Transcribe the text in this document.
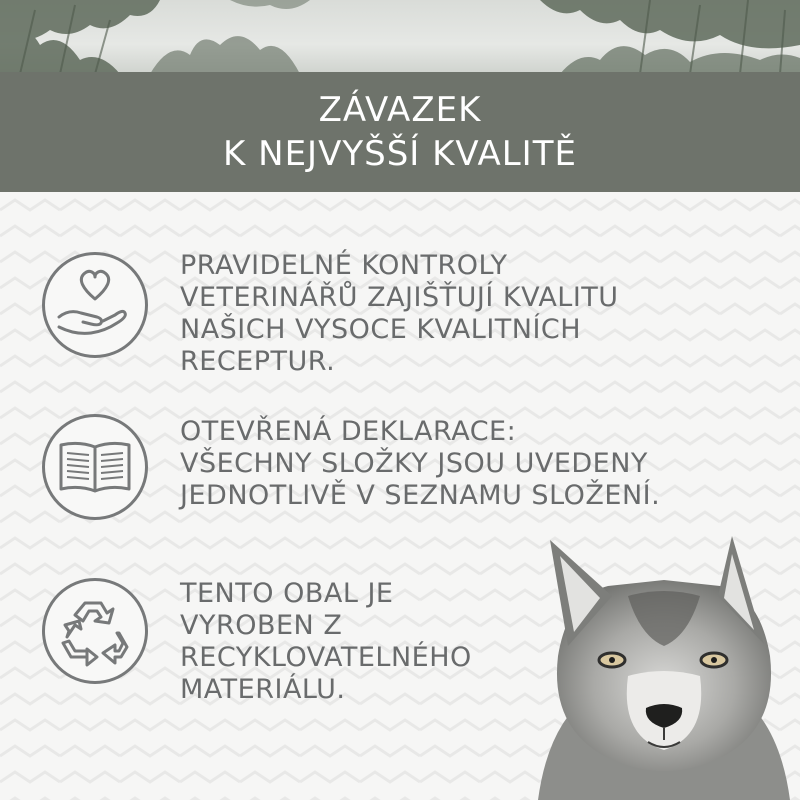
ZÁVAZEK
K NEJVYŠŠÍ KVALITĚ
PRAVIDELNÉ KONTROLY
VETERINÁŘŮ ZAJIŠŤUJÍ KVALITU
NAŠICH VYSOCE KVALITNÍCH
RECEPTUR.
OTEVŘENÁ DEKLARACE:
VŠECHNY SLOŽKY JSOU UVEDENY
JEDNOTLIVĚ V SEZNAMU SLOŽENÍ.
TENTO OBAL JE
VYROBEN Z
RECYKLOVATELNÉHO
MATERIÁLU.
